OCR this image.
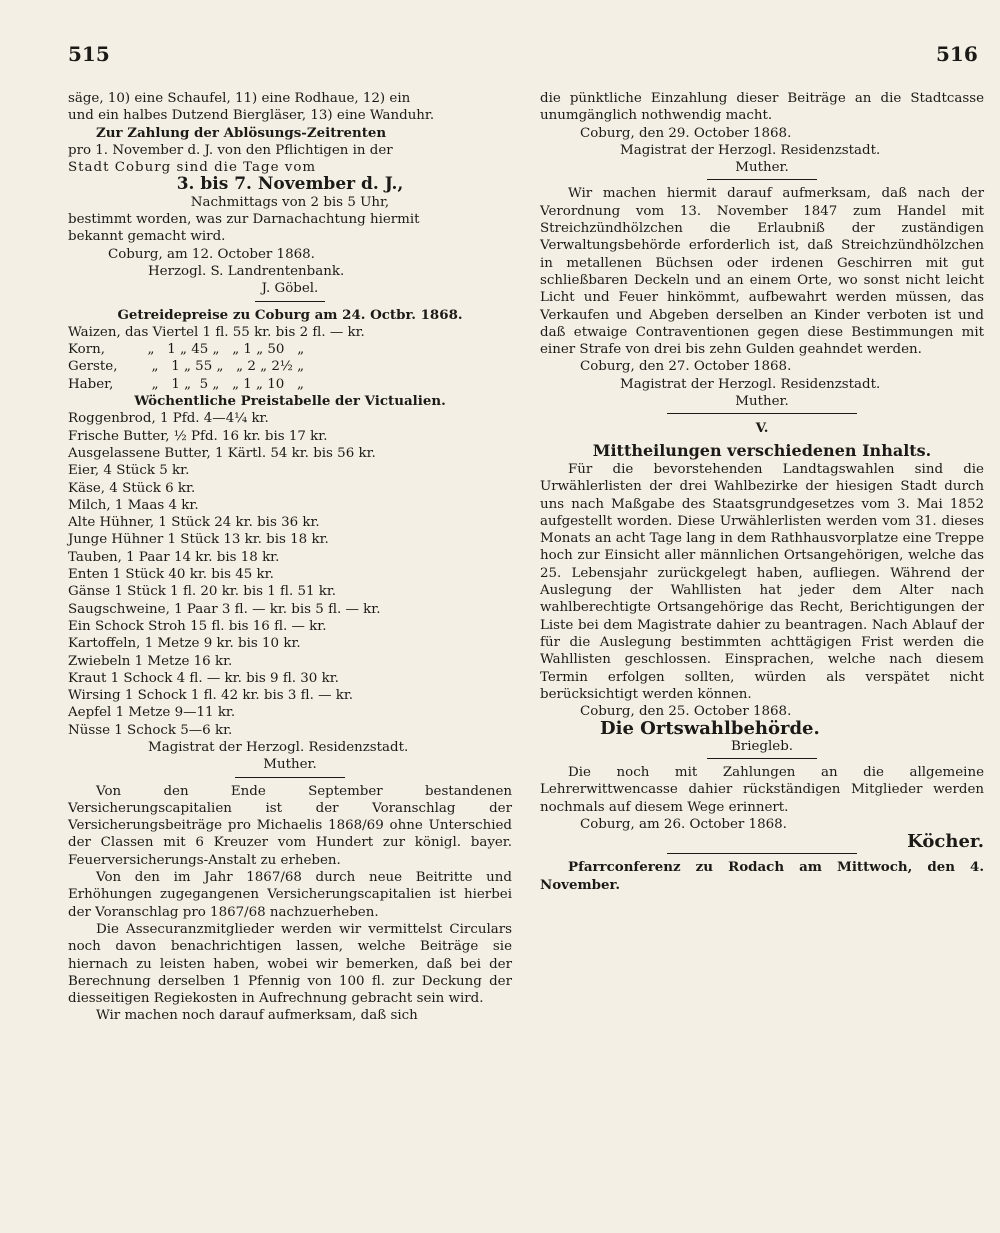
515	516

säge, 10) eine Schaufel, 11) eine Rodhaue, 12) ein

und ein halbes Dutzend Biergläser, 13) eine Wanduhr.

Zur Zahlung der Ablösungs-Zeitrenten

pro 1. November d. J. von den Pflichtigen in der

Stadt Coburg sind die Tage vom

3. bis 7. November d. J.,

Nachmittags von 2 bis 5 Uhr,

bestimmt worden, was zur Darnachachtung hiermit

bekannt gemacht wird.

Coburg, am 12. October 1868.

Herzogl. S. Landrentenbank.

J. Göbel.

Getreidepreise zu Coburg am 24. Octbr. 1868.

Waizen, das Viertel 1 fl. 55 kr. bis 2 fl. — kr.

Korn,          „   1 „ 45 „   „ 1 „ 50   „

Gerste,        „   1 „ 55 „   „ 2 „ 2½ „

Haber,         „   1 „  5 „   „ 1 „ 10   „

Wöchentliche Preistabelle der Victualien.

Roggenbrod, 1 Pfd. 4—4¼ kr.

Frische Butter, ½ Pfd. 16 kr. bis 17 kr.

Ausgelassene Butter, 1 Kärtl. 54 kr. bis 56 kr.

Eier, 4 Stück 5 kr.

Käse, 4 Stück 6 kr.

Milch, 1 Maas 4 kr.

Alte Hühner, 1 Stück 24 kr. bis 36 kr.

Junge Hühner 1 Stück 13 kr. bis 18 kr.

Tauben, 1 Paar 14 kr. bis 18 kr.

Enten 1 Stück 40 kr. bis 45 kr.

Gänse 1 Stück 1 fl. 20 kr. bis 1 fl. 51 kr.

Saugschweine, 1 Paar 3 fl. — kr. bis 5 fl. — kr.

Ein Schock Stroh 15 fl. bis 16 fl. — kr.

Kartoffeln, 1 Metze 9 kr. bis 10 kr.

Zwiebeln 1 Metze 16 kr.

Kraut 1 Schock 4 fl. — kr. bis 9 fl. 30 kr.

Wirsing 1 Schock 1 fl. 42 kr. bis 3 fl. — kr.

Aepfel 1 Metze 9—11 kr.

Nüsse 1 Schock 5—6 kr.

Magistrat der Herzogl. Residenzstadt.

Muther.

Von den Ende September bestandenen Versicherungscapitalien ist der Voranschlag der Versicherungsbeiträge pro Michaelis 1868/69 ohne Unterschied der Classen mit 6 Kreuzer vom Hundert zur königl. bayer. Feuerversicherungs-Anstalt zu erheben.

Von den im Jahr 1867/68 durch neue Beitritte und Erhöhungen zugegangenen Versicherungscapitalien ist hierbei der Voranschlag pro 1867/68 nachzuerheben.

Die Assecuranzmitglieder werden wir vermittelst Circulars noch davon benachrichtigen lassen, welche Beiträge sie hiernach zu leisten haben, wobei wir bemerken, daß bei der Berechnung derselben 1 Pfennig von 100 fl. zur Deckung der diesseitigen Regiekosten in Aufrechnung gebracht sein wird.

Wir machen noch darauf aufmerksam, daß sich

die pünktliche Einzahlung dieser Beiträge an die Stadtcasse unumgänglich nothwendig macht.

Coburg, den 29. October 1868.

Magistrat der Herzogl. Residenzstadt.

Muther.

Wir machen hiermit darauf aufmerksam, daß nach der Verordnung vom 13. November 1847 zum Handel mit Streichzündhölzchen die Erlaubniß der zuständigen Verwaltungsbehörde erforderlich ist, daß Streichzündhölzchen in metallenen Büchsen oder irdenen Geschirren mit gut schließbaren Deckeln und an einem Orte, wo sonst nicht leicht Licht und Feuer hinkömmt, aufbewahrt werden müssen, das Verkaufen und Abgeben derselben an Kinder verboten ist und daß etwaige Contraventionen gegen diese Bestimmungen mit einer Strafe von drei bis zehn Gulden geahndet werden.

Coburg, den 27. October 1868.

Magistrat der Herzogl. Residenzstadt.

Muther.

V.

Mittheilungen verschiedenen Inhalts.

Für die bevorstehenden Landtagswahlen sind die Urwählerlisten der drei Wahlbezirke der hiesigen Stadt durch uns nach Maßgabe des Staatsgrundgesetzes vom 3. Mai 1852 aufgestellt worden. Diese Urwählerlisten werden vom 31. dieses Monats an acht Tage lang in dem Rathhausvorplatze eine Treppe hoch zur Einsicht aller männlichen Ortsangehörigen, welche das 25. Lebensjahr zurückgelegt haben, aufliegen. Während der Auslegung der Wahllisten hat jeder dem Alter nach wahlberechtigte Ortsangehörige das Recht, Berichtigungen der Liste bei dem Magistrate dahier zu beantragen. Nach Ablauf der für die Auslegung bestimmten achttägigen Frist werden die Wahllisten geschlossen. Einsprachen, welche nach diesem Termin erfolgen sollten, würden als verspätet nicht berücksichtigt werden können.

Coburg, den 25. October 1868.

Die Ortswahlbehörde.

Briegleb.

Die noch mit Zahlungen an die allgemeine Lehrerwittwencasse dahier rückständigen Mitglieder werden nochmals auf diesem Wege erinnert.

Coburg, am 26. October 1868.

Köcher.

Pfarrconferenz zu Rodach am Mittwoch, den 4. November.
